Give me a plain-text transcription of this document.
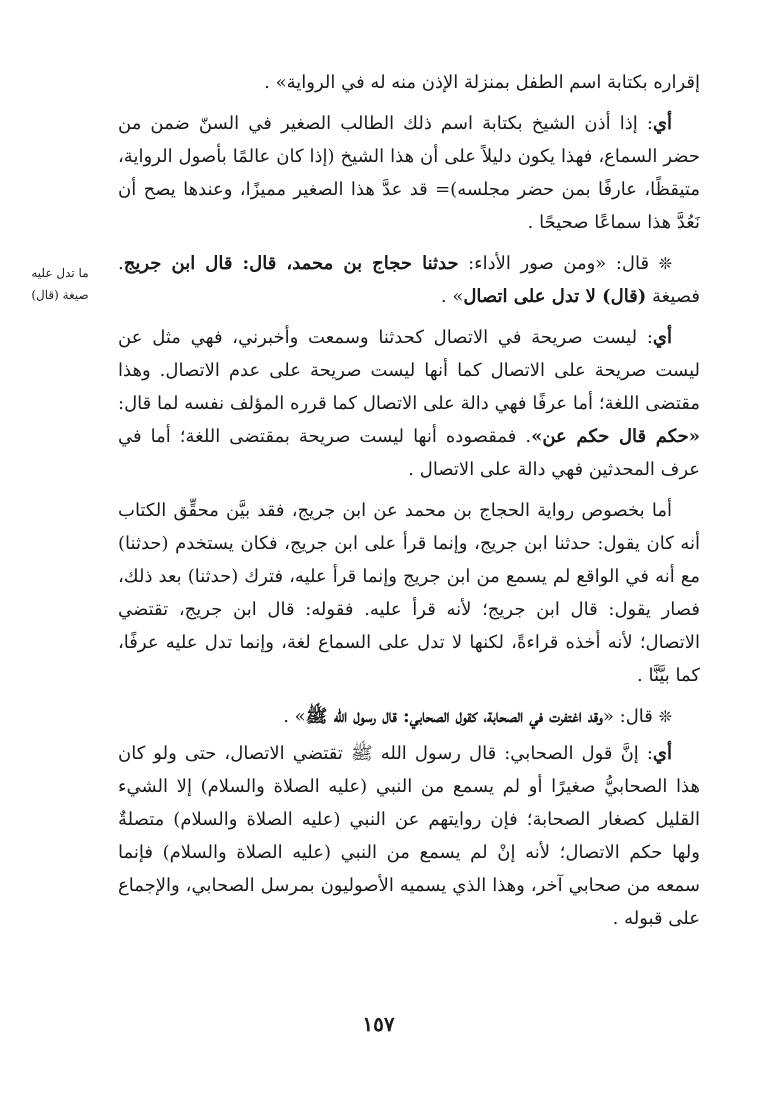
ما تدل عليه
صيغة (قال)

إقراره بكتابة اسم الطفل بمنزلة الإذن منه له في الرواية» .

أي: إذا أذن الشيخ بكتابة اسم ذلك الطالب الصغير في السنّ ضمن من حضر السماع، فهذا يكون دليلاً على أن هذا الشيخ (إذا كان عالمًا بأصول الرواية، متيقظًا، عارفًا بمن حضر مجلسه)= قد عدَّ هذا الصغير مميزًا، وعندها يصح أن نَعُدَّ هذا سماعًا صحيحًا .

❊ قال: «ومن صور الأداء: حدثنا حجاج بن محمد، قال: قال ابن جريج. فصيغة (قال) لا تدل على اتصال» .

أي: ليست صريحة في الاتصال كحدثنا وسمعت وأخبرني، فهي مثل عن ليست صريحة على الاتصال كما أنها ليست صريحة على عدم الاتصال. وهذا مقتضى اللغة؛ أما عرفًا فهي دالة على الاتصال كما قرره المؤلف نفسه لما قال: «حكم قال حكم عن». فمقصوده أنها ليست صريحة بمقتضى اللغة؛ أما في عرف المحدثين فهي دالة على الاتصال .

أما بخصوص رواية الحجاج بن محمد عن ابن جريج، فقد بيَّن محقِّق الكتاب أنه كان يقول: حدثنا ابن جريج، وإنما قرأ على ابن جريج، فكان يستخدم (حدثنا) مع أنه في الواقع لم يسمع من ابن جريج وإنما قرأ عليه، فترك (حدثنا) بعد ذلك، فصار يقول: قال ابن جريج؛ لأنه قرأ عليه. فقوله: قال ابن جريج، تقتضي الاتصال؛ لأنه أخذه قراءةً، لكنها لا تدل على السماع لغة، وإنما تدل عليه عرفًا، كما بيَّنَّا .

❊ قال: «وقد اغتفرت في الصحابة، كقول الصحابي: قال رسول الله ﷺ» .

أي: إنَّ قول الصحابي: قال رسول الله ﷺ تقتضي الاتصال، حتى ولو كان هذا الصحابيُّ صغيرًا أو لم يسمع من النبي (عليه الصلاة والسلام) إلا الشيء القليل كصغار الصحابة؛ فإن روايتهم عن النبي (عليه الصلاة والسلام) متصلةٌ ولها حكم الاتصال؛ لأنه إنْ لم يسمع من النبي (عليه الصلاة والسلام) فإنما سمعه من صحابي آخر، وهذا الذي يسميه الأصوليون بمرسل الصحابي، والإجماع على قبوله .

١٥٧
